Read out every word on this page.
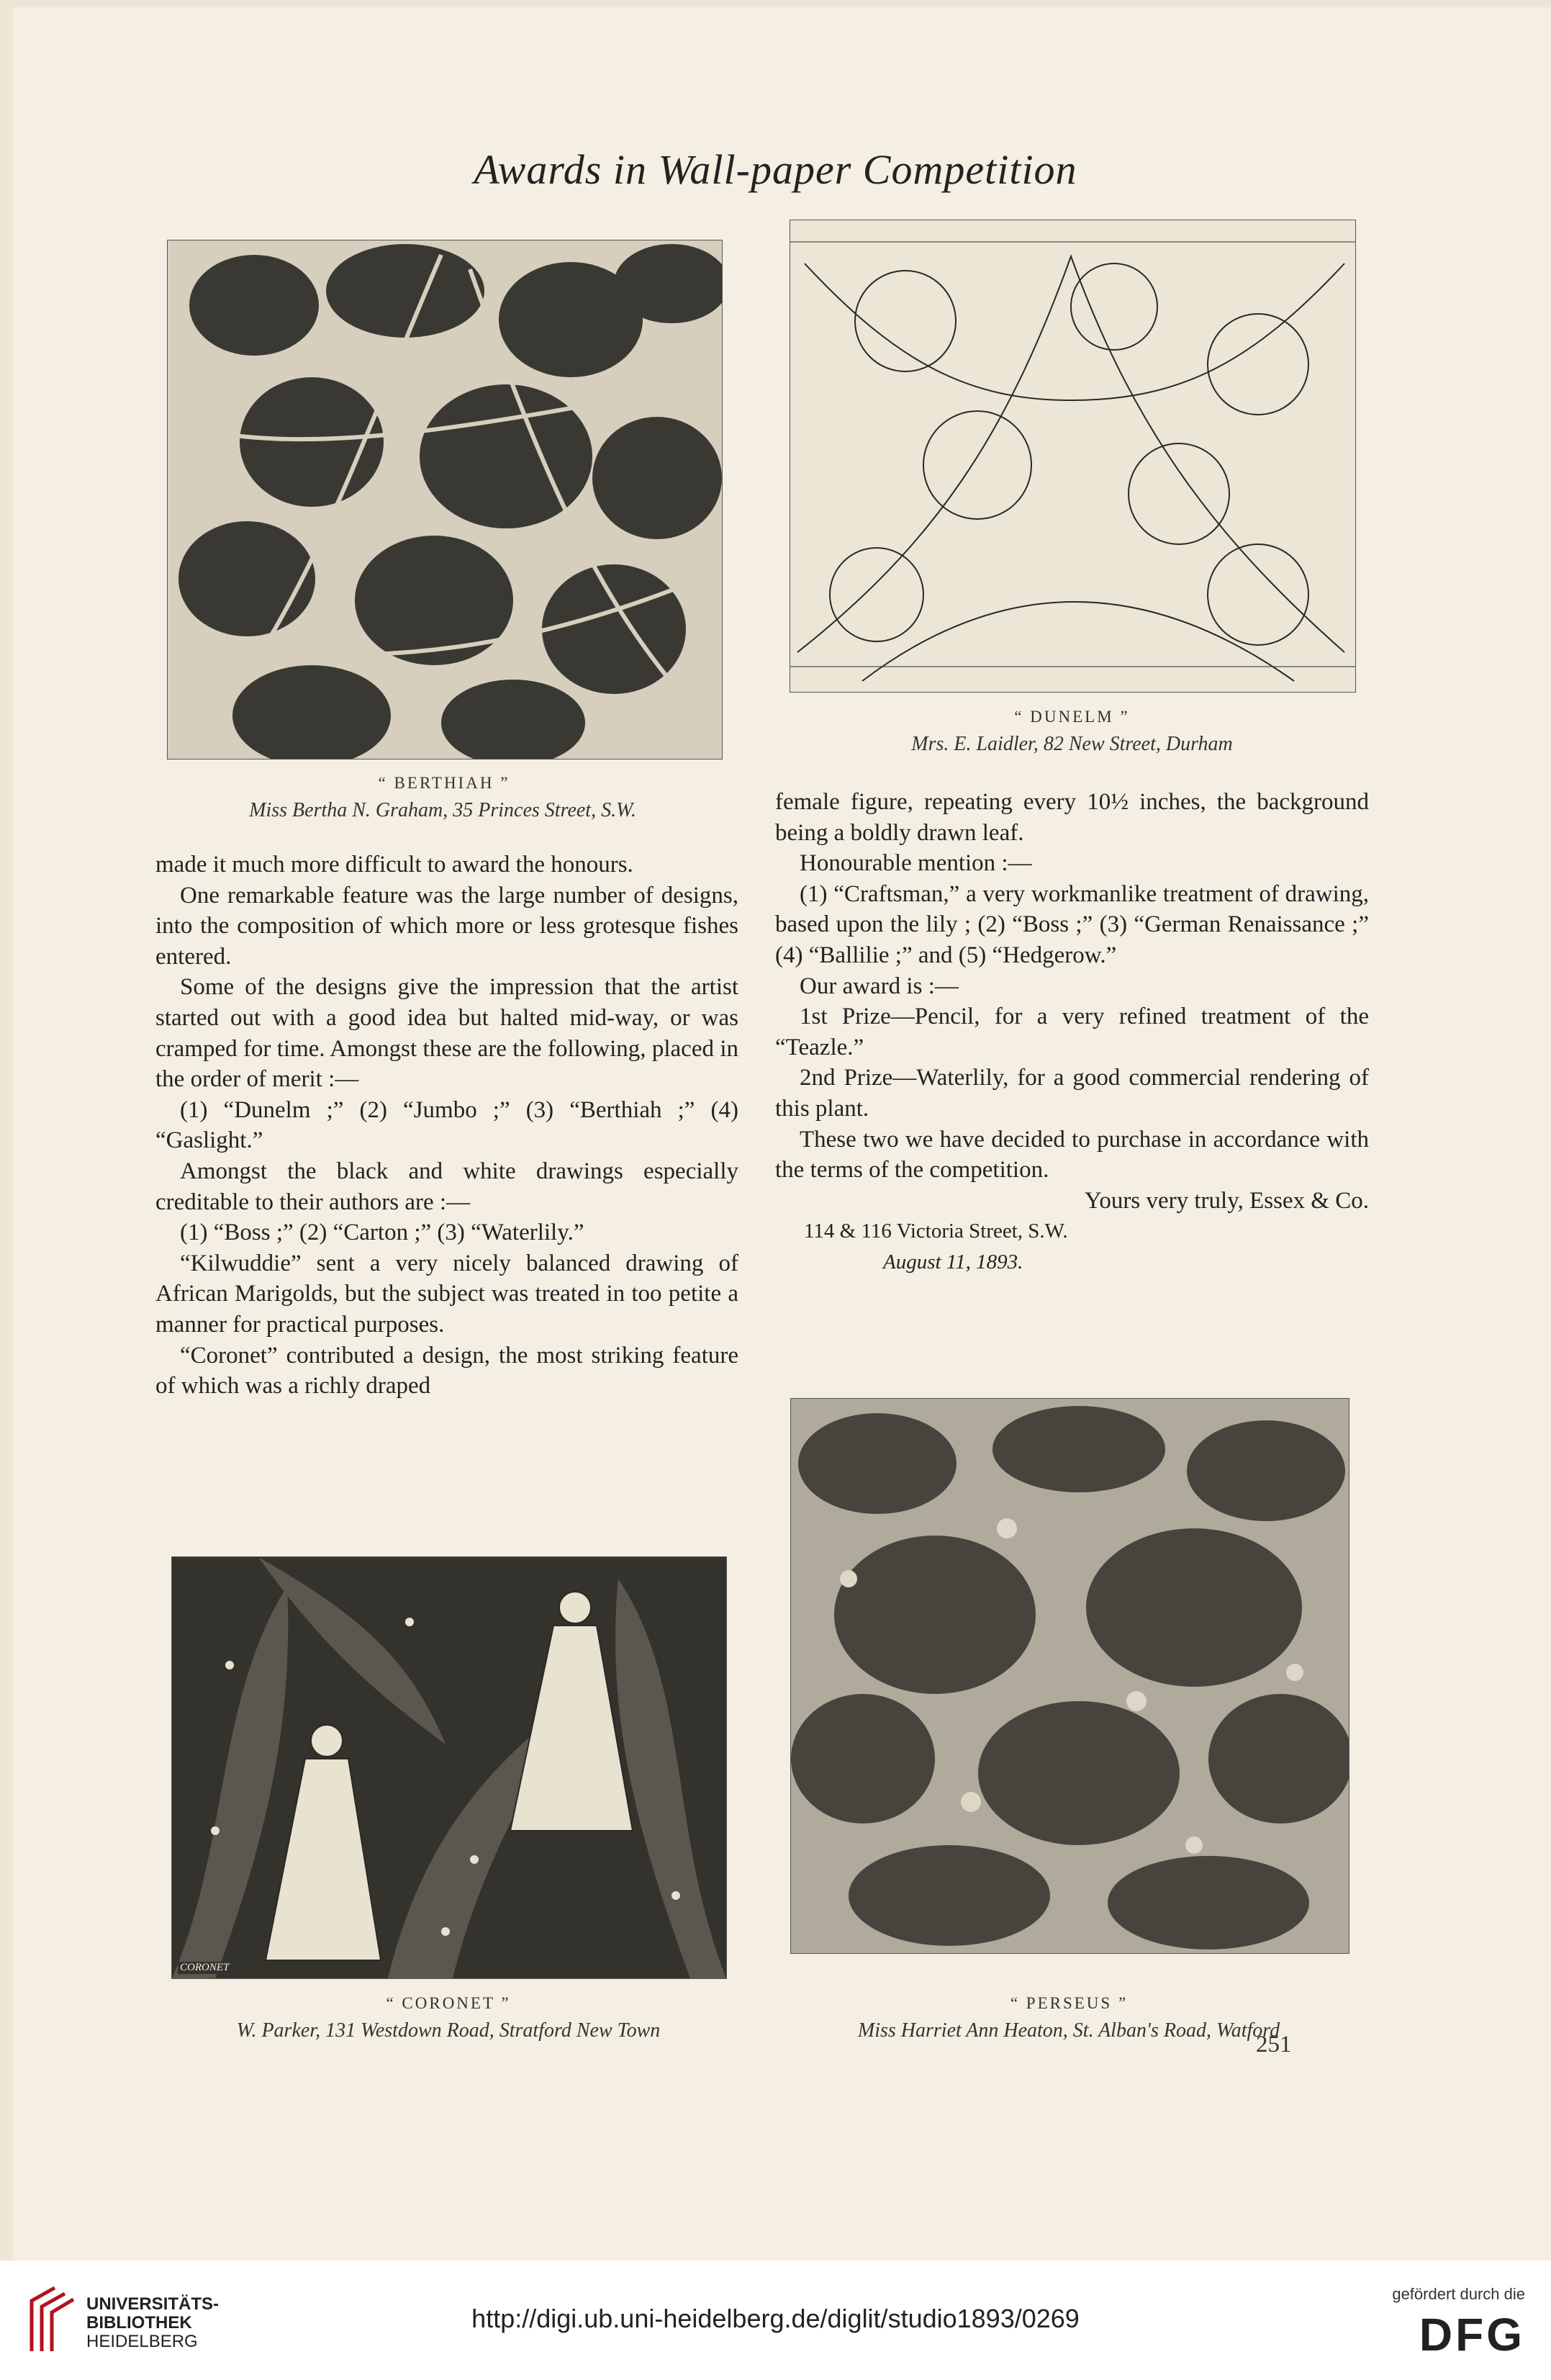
Awards in Wall-paper Competition
“ BERTHIAH ”
Miss Bertha N. Graham, 35 Princes Street, S.W.
“ DUNELM ”
Mrs. E. Laidler, 82 New Street, Durham

made it much more difficult to award the honours.

One remarkable feature was the large number of designs, into the composition of which more or less grotesque fishes entered.

Some of the designs give the impression that the artist started out with a good idea but halted mid-way, or was cramped for time. Amongst these are the following, placed in the order of merit :—

(1) “Dunelm ;” (2) “Jumbo ;” (3) “Berthiah ;” (4) “Gaslight.”

Amongst the black and white drawings especially creditable to their authors are :—

(1) “Boss ;” (2) “Carton ;” (3) “Waterlily.”

“Kilwuddie” sent a very nicely balanced drawing of African Marigolds, but the subject was treated in too petite a manner for practical purposes.

“Coronet” contributed a design, the most striking feature of which was a richly draped

female figure, repeating every 10½ inches, the background being a boldly drawn leaf.

Honourable mention :—

(1) “Craftsman,” a very workmanlike treatment of drawing, based upon the lily ; (2) “Boss ;” (3) “German Renaissance ;” (4) “Ballilie ;” and (5) “Hedgerow.”

Our award is :—

1st Prize—Pencil, for a very refined treatment of the “Teazle.”

2nd Prize—Waterlily, for a good commercial rendering of this plant.

These two we have decided to purchase in accordance with the terms of the competition.

Yours very truly, Essex & Co.

114 & 116 Victoria Street, S.W.

August 11, 1893.

CORONET
“ CORONET ”
W. Parker, 131 Westdown Road, Stratford New Town
“ PERSEUS ”
Miss Harriet Ann Heaton, St. Alban's Road, Watford
251
UNIVERSITÄTS-
BIBLIOTHEK
HEIDELBERG
http://digi.ub.uni-heidelberg.de/diglit/studio1893/0269
gefördert durch die
DFG
